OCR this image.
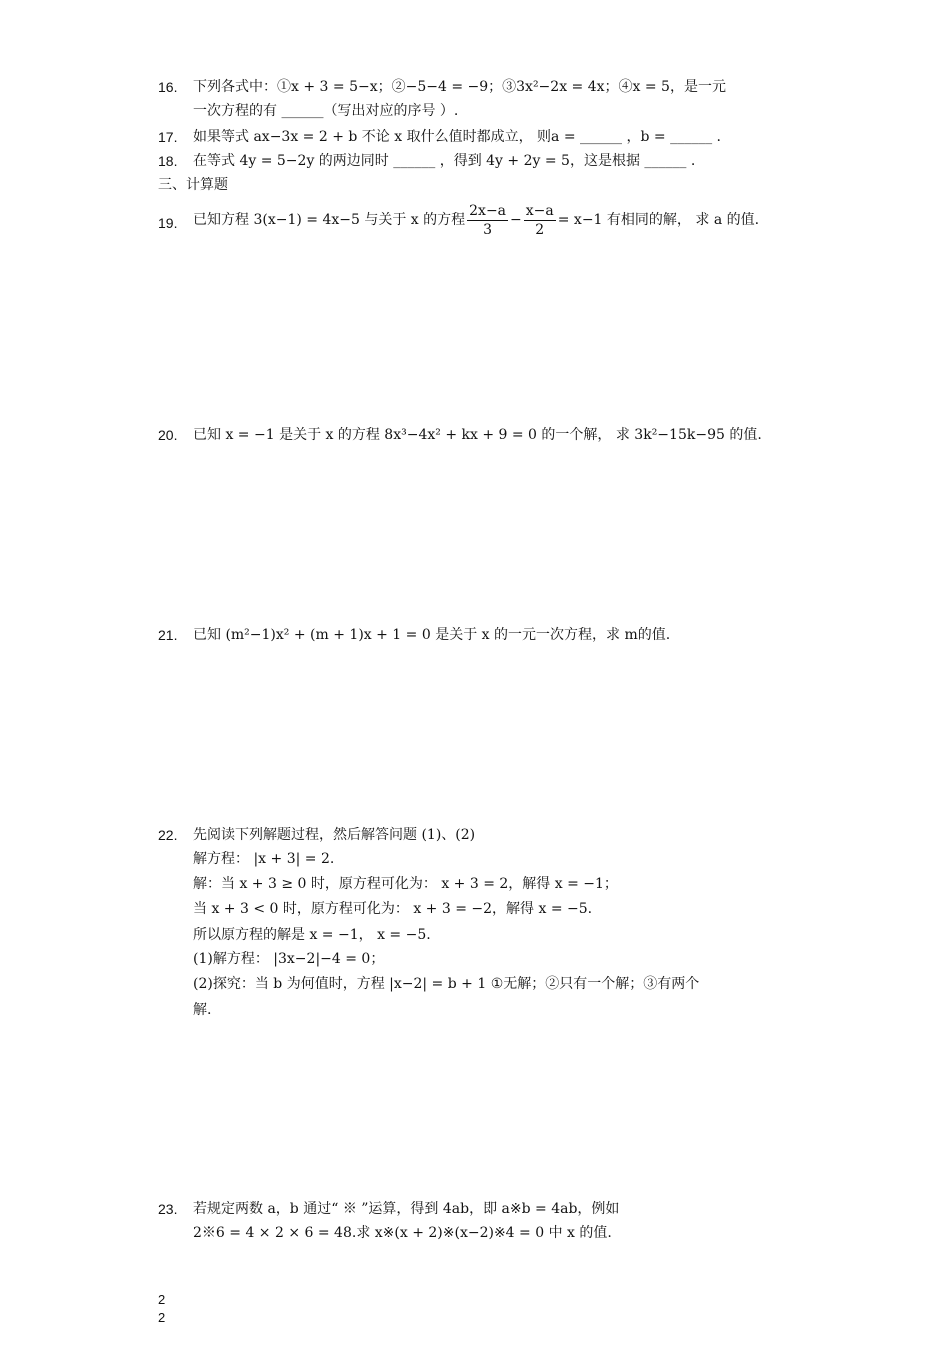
16.	下列各式中：①x + 3 = 5−x；②−5−4 = −9；③3x²−2x = 4x；④x = 5，是一元
一次方程的有 ______（写出对应的序号 ）.
17.	如果等式 ax−3x = 2 + b 不论 x 取什么值时都成立， 则a = ______ ，b = ______ .
18.	在等式 4y = 5−2y 的两边同时 ______ ，得到 4y + 2y = 5，这是根据 ______ .
三、计算题
19.	已知方程 3(x−1) = 4x−5 与关于 x 的方程 $\frac{2x-a}{3} - \frac{x-a}{2} = x-1$ 有相同的解， 求 a 的值.
20.	已知 x = −1 是关于 x 的方程 8x³−4x² + kx + 9 = 0 的一个解， 求 3k²−15k−95 的值.
21.	已知 (m²−1)x² + (m + 1)x + 1 = 0 是关于 x 的一元一次方程，求 m的值.
22.	先阅读下列解题过程，然后解答问题 (1)、(2)
解方程： |x + 3| = 2.
解：当 x + 3 ≥ 0 时，原方程可化为： x + 3 = 2，解得 x = −1；
当 x + 3 < 0 时，原方程可化为： x + 3 = −2，解得 x = −5.
所以原方程的解是 x = −1， x = −5.
(1)解方程： |3x−2|−4 = 0；
(2)探究：当 b 为何值时，方程 |x−2| = b + 1 ①无解；②只有一个解；③有两个
解.
23.	若规定两数 a，b 通过“ ※ ”运算，得到 4ab，即 a※b = 4ab，例如
2※6 = 4 × 2 × 6 = 48.求 x※(x + 2)※(x−2)※4 = 0 中 x 的值.
2
2
